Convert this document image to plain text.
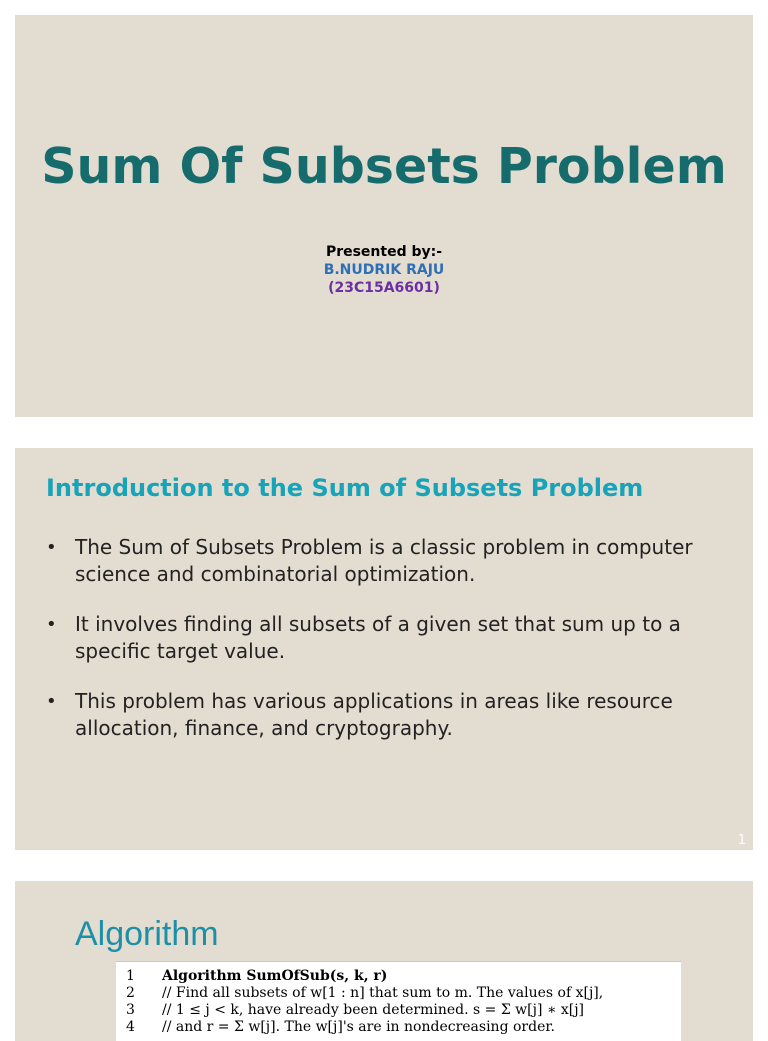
Sum Of Subsets Problem
Presented by:-
B.NUDRIK RAJU
(23C15A6601)
Introduction to the Sum of Subsets Problem
• The Sum of Subsets Problem is a classic problem in computer science and combinatorial optimization.
• It involves finding all subsets of a given set that sum up to a specific target value.
• This problem has various applications in areas like resource allocation, finance, and cryptography.
1
Algorithm
1	Algorithm SumOfSub(s, k, r)
2	// Find all subsets of w[1 : n] that sum to m. The values of x[j],
3	// 1 ≤ j < k, have already been determined. s = Σ w[j] ∗ x[j]
4	// and r = Σ w[j]. The w[j]'s are in nondecreasing order.
